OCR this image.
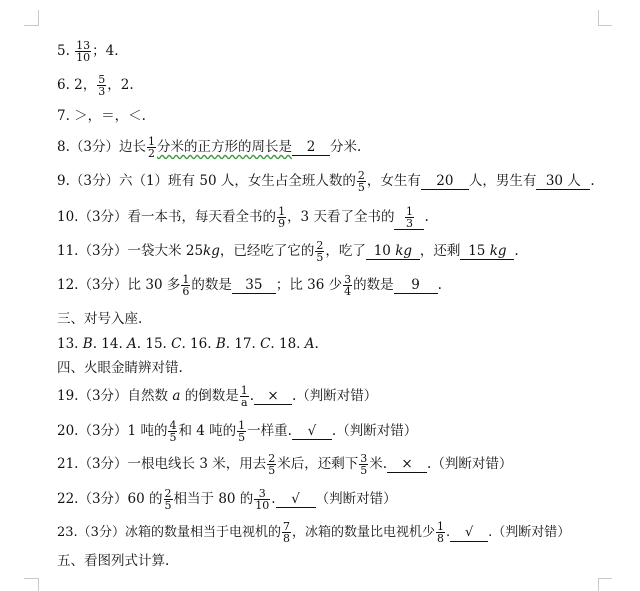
5. $\frac{13}{10}$ ；4.
6. 2， $\frac{5}{3}$ ，2.
7. ＞，＝，＜.
8.（3分）边长 $\frac{1}{2}$ 分米的正方形的周长是 2 分米.
9.（3分）六（1）班有 50 人，女生占全班人数的 $\frac{2}{5}$ ，女生有 20 人，男生有 30 人 .
10.（3分）看一本书，每天看全书的 $\frac{1}{9}$ ，3 天看了全书的 $\frac{1}{3}$ .
11.（3分）一袋大米 25kg，已经吃了它的 $\frac{2}{5}$ ，吃了 10 kg ，还剩 15 kg .
12.（3分）比 30 多 $\frac{1}{6}$ 的数是 35 ；比 36 少 $\frac{3}{4}$ 的数是 9 .
三、对号入座.
13. B. 14. A. 15. C. 16. B. 17. C. 18. A.
四、火眼金睛辨对错.
19.（3分）自然数 a 的倒数是 $\frac{1}{a}$ . × .（判断对错）
20.（3分）1 吨的 $\frac{4}{5}$ 和 4 吨的 $\frac{1}{5}$ 一样重. √ .（判断对错）
21.（3分）一根电线长 3 米，用去 $\frac{2}{5}$ 米后，还剩下 $\frac{3}{5}$ 米. × .（判断对错）
22.（3分）60 的 $\frac{2}{5}$ 相当于 80 的 $\frac{3}{10}$ . √ （判断对错）
23.（3分）冰箱的数量相当于电视机的 $\frac{7}{8}$ ，冰箱的数量比电视机少 $\frac{1}{8}$ . √ .（判断对错）
五、看图列式计算.
